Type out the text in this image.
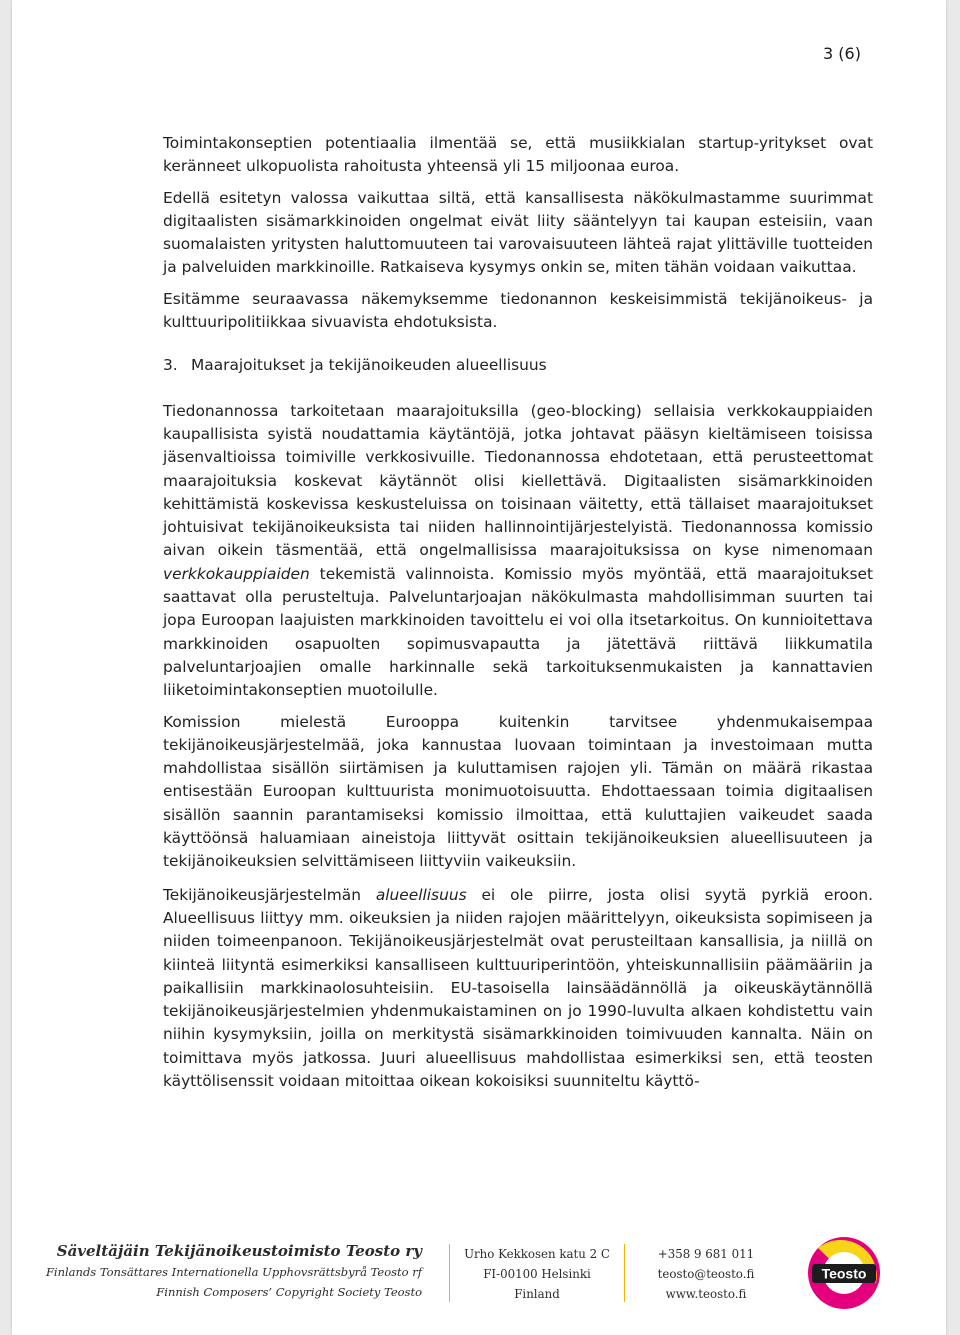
3 (6)

Toimintakonseptien potentiaalia ilmentää se, että musiikkialan startup-yritykset ovat keränneet ulkopuolista rahoitusta yhteensä yli 15 miljoonaa euroa.

Edellä esitetyn valossa vaikuttaa siltä, että kansallisesta näkökulmastamme suurimmat digitaalisten sisämarkkinoiden ongelmat eivät liity sääntelyyn tai kaupan esteisiin, vaan suomalaisten yritysten haluttomuuteen tai varovaisuuteen lähteä rajat ylittäville tuotteiden ja palveluiden markkinoille. Ratkaiseva kysymys onkin se, miten tähän voidaan vaikuttaa.

Esitämme seuraavassa näkemyksemme tiedonannon keskeisimmistä tekijänoikeus- ja kulttuuripolitiikkaa sivuavista ehdotuksista.

3. Maarajoitukset ja tekijänoikeuden alueellisuus

Tiedonannossa tarkoitetaan maarajoituksilla (geo-blocking) sellaisia verkkokauppiaiden kaupallisista syistä noudattamia käytäntöjä, jotka johtavat pääsyn kieltämiseen toisissa jäsenvaltioissa toimiville verkkosivuille. Tiedonannossa ehdotetaan, että perusteettomat maarajoituksia koskevat käytännöt olisi kiellettävä. Digitaalisten sisämarkkinoiden kehittämistä koskevissa keskusteluissa on toisinaan väitetty, että tällaiset maarajoitukset johtuisivat tekijänoikeuksista tai niiden hallinnointijärjestelyistä. Tiedonannossa komissio aivan oikein täsmentää, että ongelmallisissa maarajoituksissa on kyse nimenomaan verkkokauppiaiden tekemistä valinnoista. Komissio myös myöntää, että maarajoitukset saattavat olla perusteltuja. Palveluntarjoajan näkökulmasta mahdollisimman suurten tai jopa Euroopan laajuisten markkinoiden tavoittelu ei voi olla itsetarkoitus. On kunnioitettava markkinoiden osapuolten sopimusvapautta ja jätettävä riittävä liikkumatila palveluntarjoajien omalle harkinnalle sekä tarkoituksenmukaisten ja kannattavien liiketoimintakonseptien muotoilulle.

Komission mielestä Eurooppa kuitenkin tarvitsee yhdenmukaisempaa tekijänoikeusjärjestelmää, joka kannustaa luovaan toimintaan ja investoimaan mutta mahdollistaa sisällön siirtämisen ja kuluttamisen rajojen yli. Tämän on määrä rikastaa entisestään Euroopan kulttuurista monimuotoisuutta. Ehdottaessaan toimia digitaalisen sisällön saannin parantamiseksi komissio ilmoittaa, että kuluttajien vaikeudet saada käyttöönsä haluamiaan aineistoja liittyvät osittain tekijänoikeuksien alueellisuuteen ja tekijänoikeuksien selvittämiseen liittyviin vaikeuksiin.

Tekijänoikeusjärjestelmän alueellisuus ei ole piirre, josta olisi syytä pyrkiä eroon. Alueellisuus liittyy mm. oikeuksien ja niiden rajojen määrittelyyn, oikeuksista sopimiseen ja niiden toimeenpanoon. Tekijänoikeusjärjestelmät ovat perusteiltaan kansallisia, ja niillä on kiinteä liityntä esimerkiksi kansalliseen kulttuuriperintöön, yhteiskunnallisiin päämääriin ja paikallisiin markkinaolosuhteisiin. EU-tasoisella lainsäädännöllä ja oikeuskäytännöllä tekijänoikeusjärjestelmien yhdenmukaistaminen on jo 1990-luvulta alkaen kohdistettu vain niihin kysymyksiin, joilla on merkitystä sisämarkkinoiden toimivuuden kannalta. Näin on toimittava myös jatkossa. Juuri alueellisuus mahdollistaa esimerkiksi sen, että teosten käyttölisenssit voidaan mitoittaa oikean kokoisiksi suunniteltu käyttö-

Säveltäjäin Tekijänoikeustoimisto Teosto ry
Finlands Tonsättares Internationella Upphovsrättsbyrå Teosto rf
Finnish Composers’ Copyright Society Teosto
Urho Kekkosen katu 2 C
FI-00100 Helsinki
Finland
+358 9 681 011
teosto@teosto.fi
www.teosto.fi
Teosto
